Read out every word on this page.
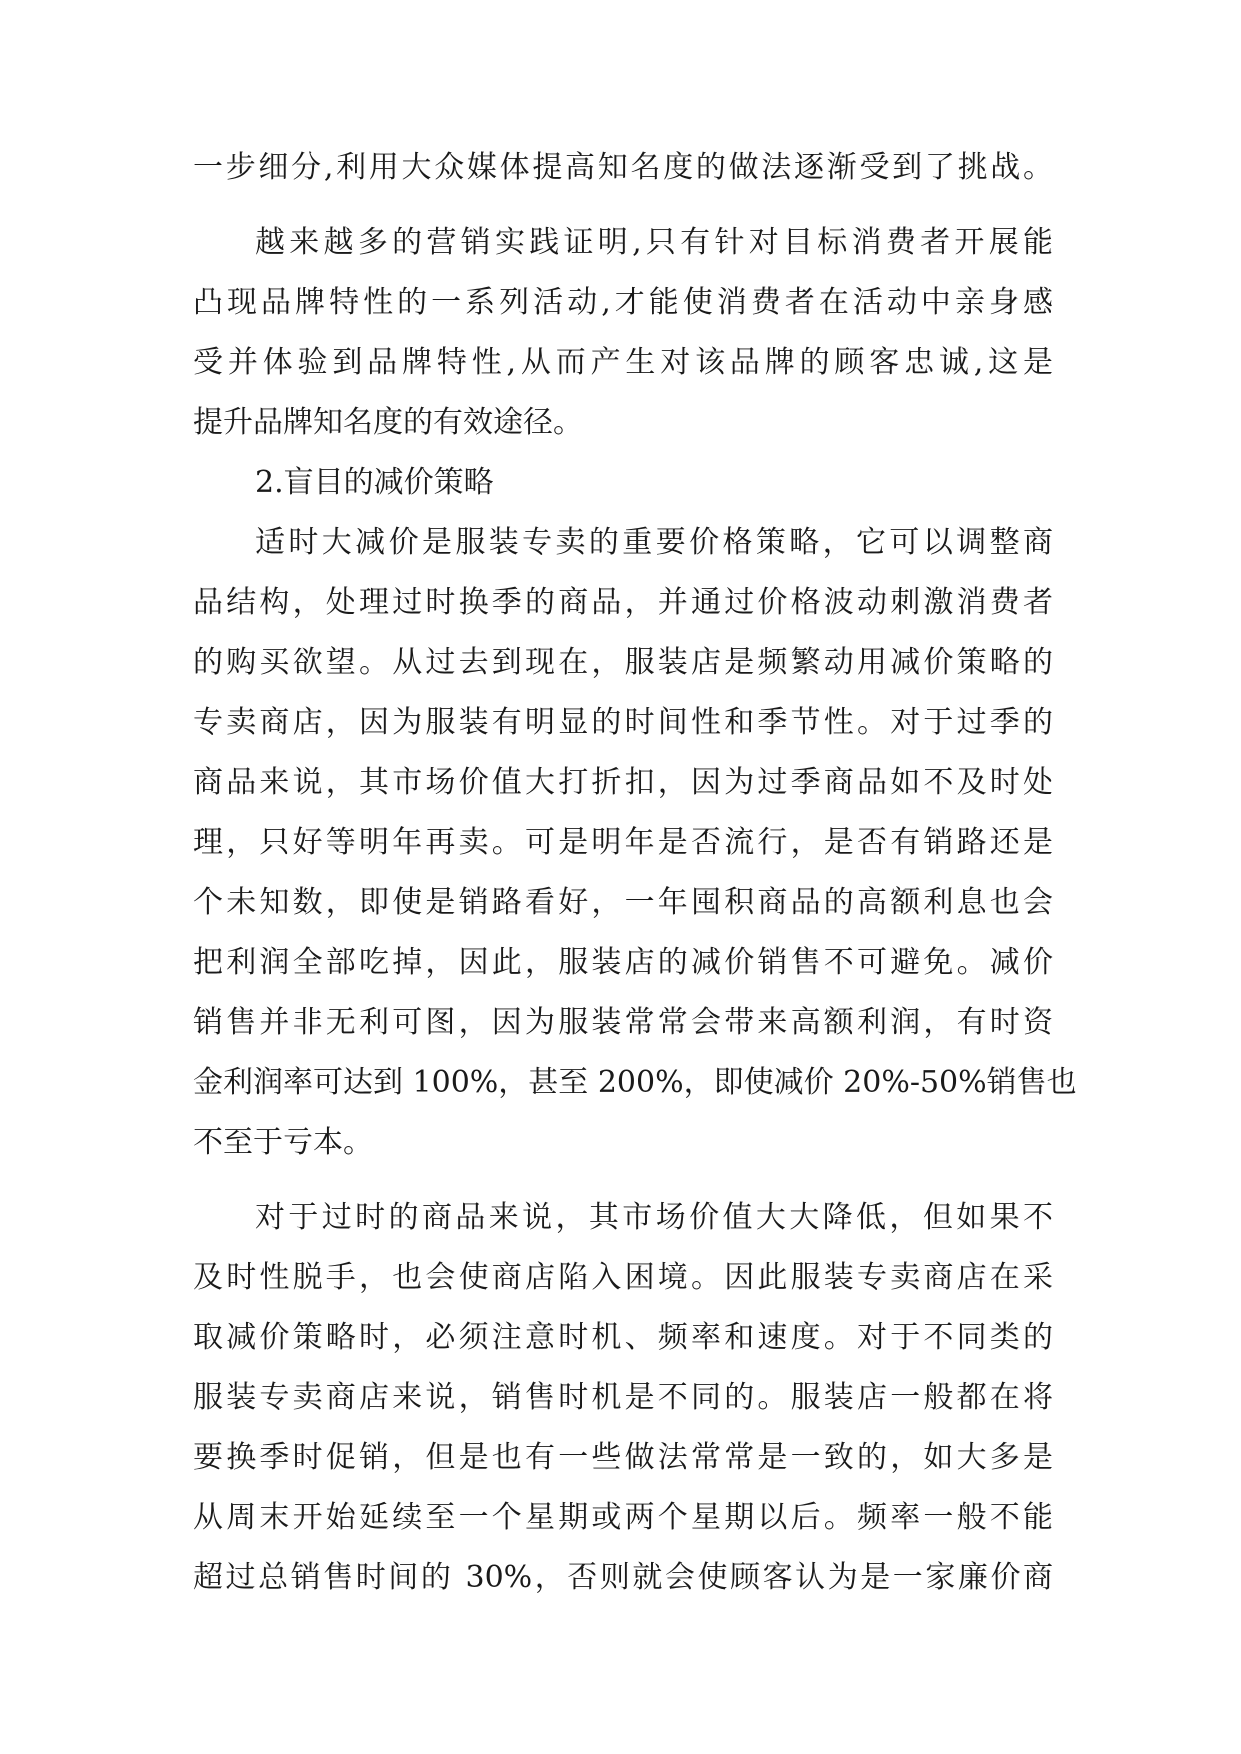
一步细分,利用大众媒体提高知名度的做法逐渐受到了挑战。
越来越多的营销实践证明,只有针对目标消费者开展能
凸现品牌特性的一系列活动,才能使消费者在活动中亲身感
受并体验到品牌特性,从而产生对该品牌的顾客忠诚,这是
提升品牌知名度的有效途径。
2.盲目的减价策略
适时大减价是服装专卖的重要价格策略，它可以调整商
品结构，处理过时换季的商品，并通过价格波动刺激消费者
的购买欲望。从过去到现在，服装店是频繁动用减价策略的
专卖商店，因为服装有明显的时间性和季节性。对于过季的
商品来说，其市场价值大打折扣，因为过季商品如不及时处
理，只好等明年再卖。可是明年是否流行，是否有销路还是
个未知数，即使是销路看好，一年囤积商品的高额利息也会
把利润全部吃掉，因此，服装店的减价销售不可避免。减价
销售并非无利可图，因为服装常常会带来高额利润，有时资
金利润率可达到 100%，甚至 200%，即使减价 20%-50%销售也
不至于亏本。
对于过时的商品来说，其市场价值大大降低，但如果不
及时性脱手，也会使商店陷入困境。因此服装专卖商店在采
取减价策略时，必须注意时机、频率和速度。对于不同类的
服装专卖商店来说，销售时机是不同的。服装店一般都在将
要换季时促销，但是也有一些做法常常是一致的，如大多是
从周末开始延续至一个星期或两个星期以后。频率一般不能
超过总销售时间的 30%，否则就会使顾客认为是一家廉价商
